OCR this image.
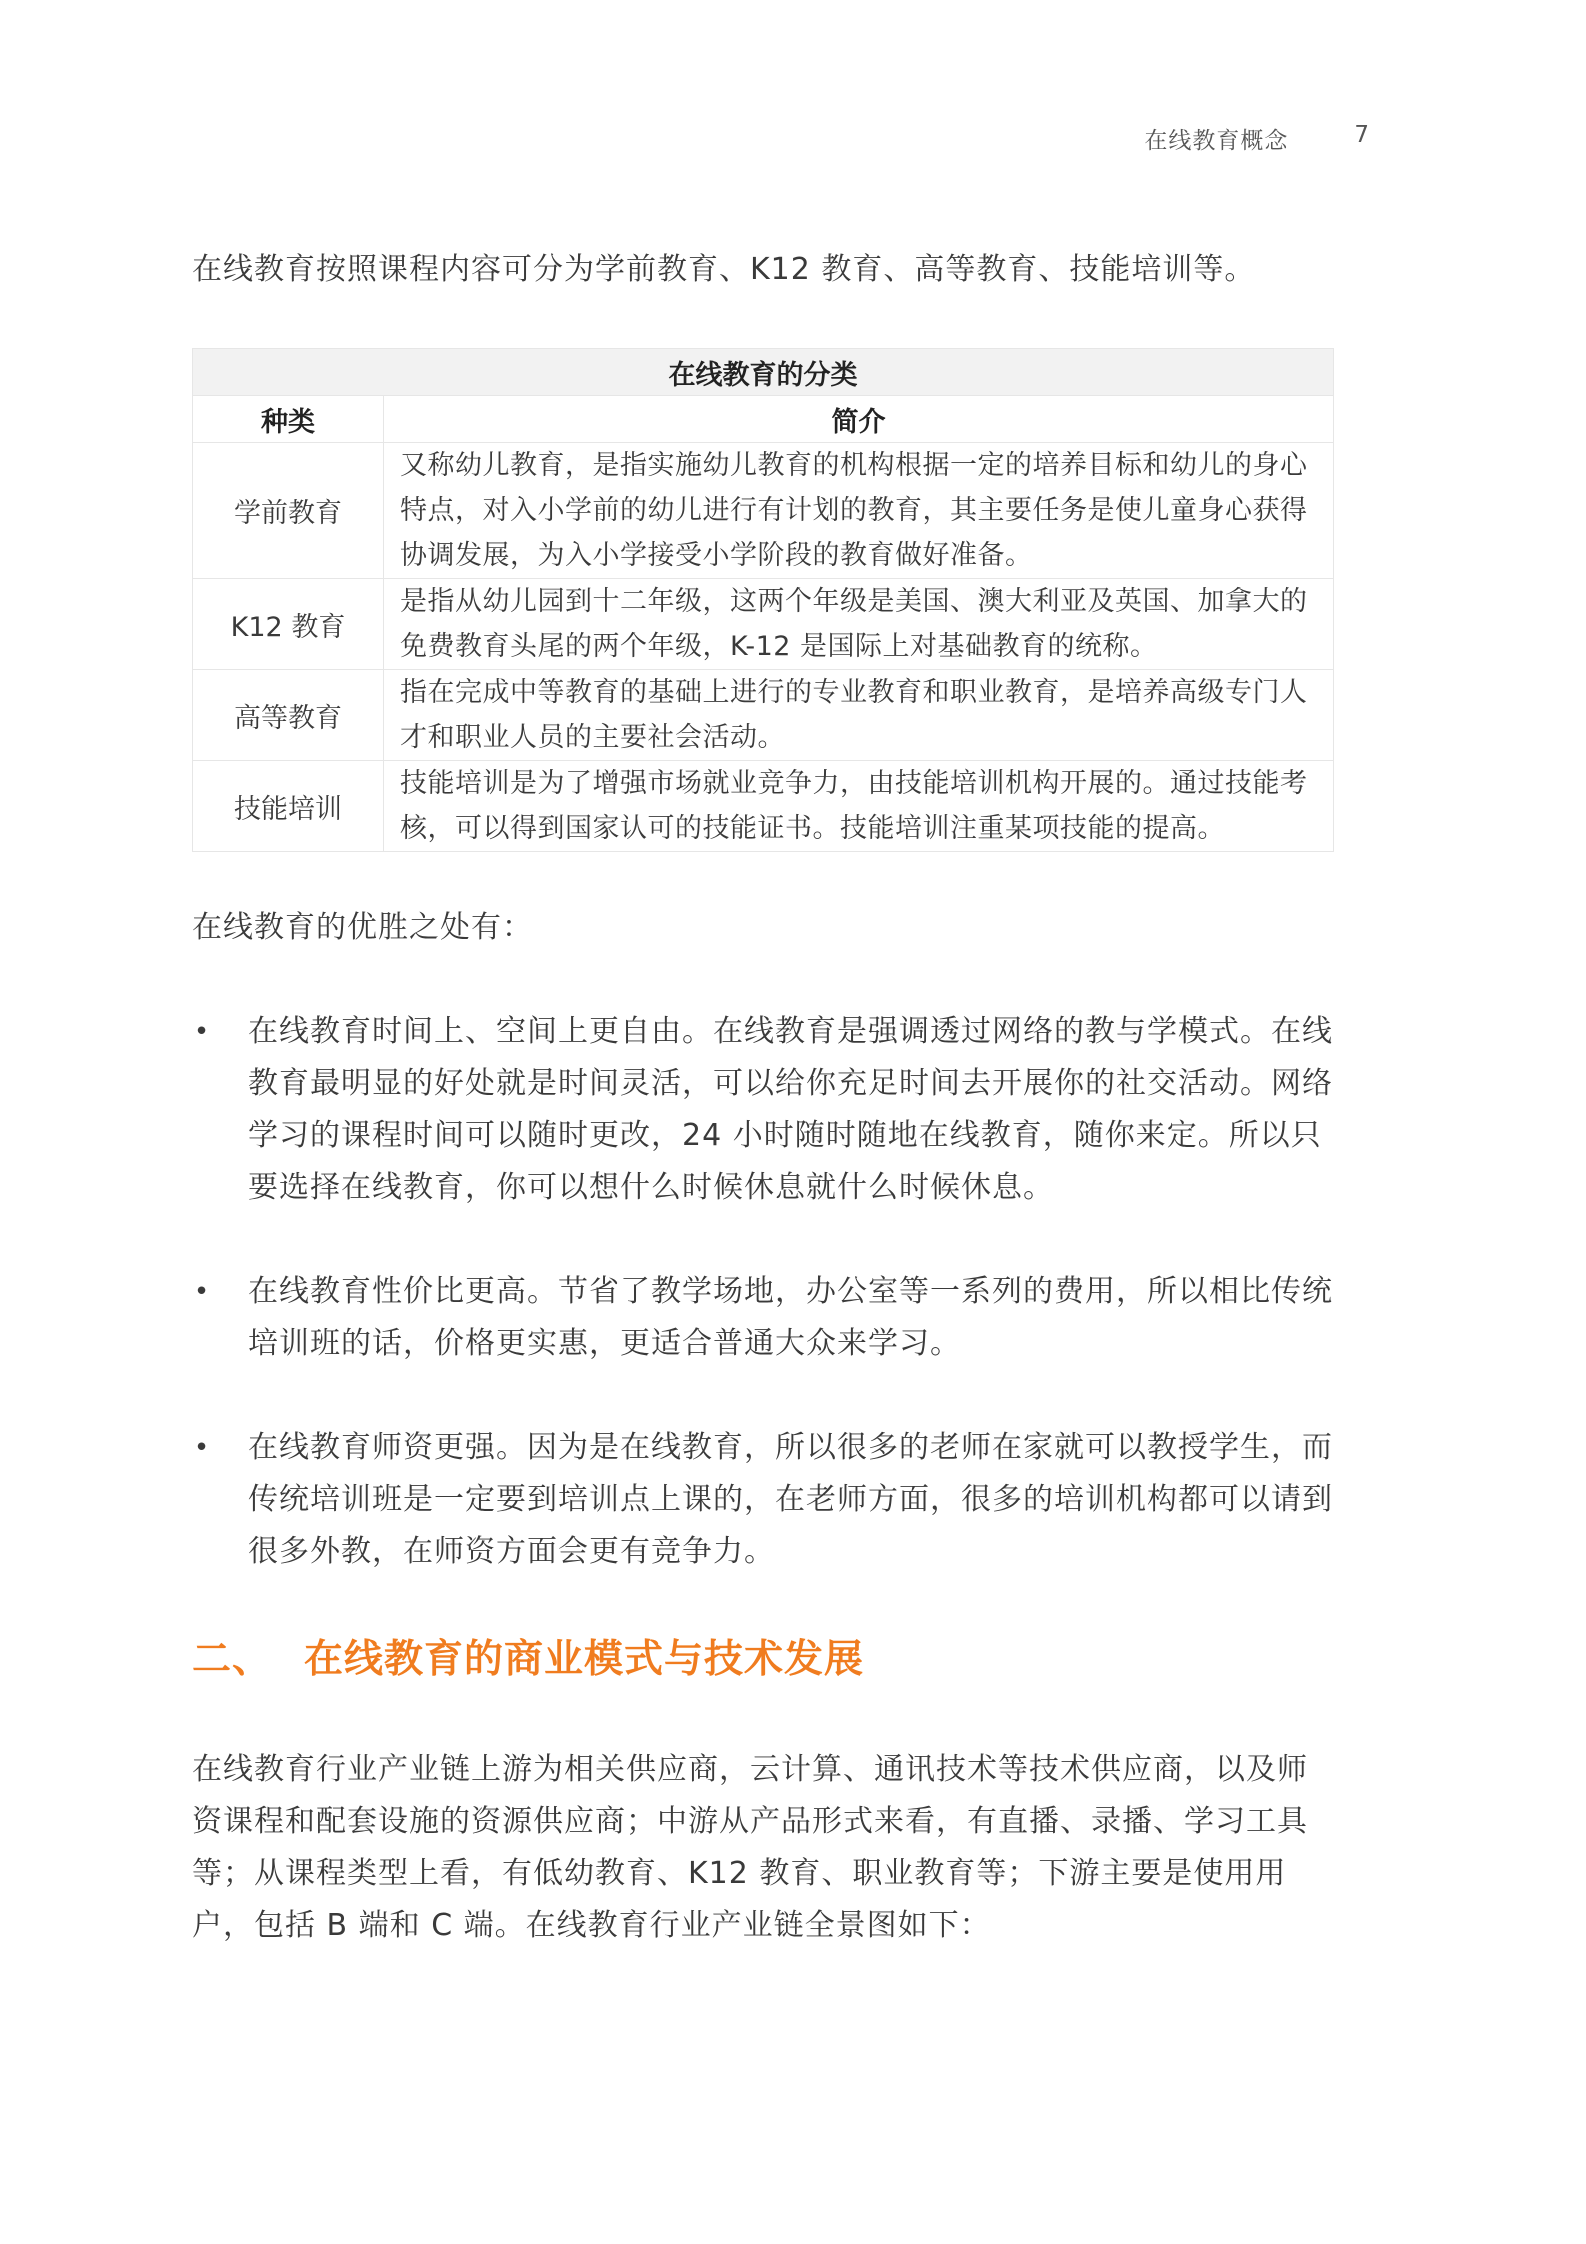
在线教育概念	7

在线教育按照课程内容可分为学前教育、K12 教育、高等教育、技能培训等。

在线教育的分类	
种类	简介
学前教育	又称幼儿教育，是指实施幼儿教育的机构根据一定的培养目标和幼儿的身心特点，对入小学前的幼儿进行有计划的教育，其主要任务是使儿童身心获得协调发展，为入小学接受小学阶段的教育做好准备。
K12 教育	是指从幼儿园到十二年级，这两个年级是美国、澳大利亚及英国、加拿大的免费教育头尾的两个年级，K-12 是国际上对基础教育的统称。
高等教育	指在完成中等教育的基础上进行的专业教育和职业教育，是培养高级专门人才和职业人员的主要社会活动。
技能培训	技能培训是为了增强市场就业竞争力，由技能培训机构开展的。通过技能考核，可以得到国家认可的技能证书。技能培训注重某项技能的提高。

在线教育的优胜之处有：

• 在线教育时间上、空间上更自由。在线教育是强调透过网络的教与学模式。在线教育最明显的好处就是时间灵活，可以给你充足时间去开展你的社交活动。网络学习的课程时间可以随时更改，24 小时随时随地在线教育，随你来定。所以只要选择在线教育，你可以想什么时候休息就什么时候休息。
• 在线教育性价比更高。节省了教学场地，办公室等一系列的费用，所以相比传统培训班的话，价格更实惠，更适合普通大众来学习。
• 在线教育师资更强。因为是在线教育，所以很多的老师在家就可以教授学生，而传统培训班是一定要到培训点上课的，在老师方面，很多的培训机构都可以请到很多外教，在师资方面会更有竞争力。
二、 在线教育的商业模式与技术发展

在线教育行业产业链上游为相关供应商，云计算、通讯技术等技术供应商，以及师资课程和配套设施的资源供应商；中游从产品形式来看，有直播、录播、学习工具等；从课程类型上看，有低幼教育、K12 教育、职业教育等；下游主要是使用用户，包括 B 端和 C 端。在线教育行业产业链全景图如下：
